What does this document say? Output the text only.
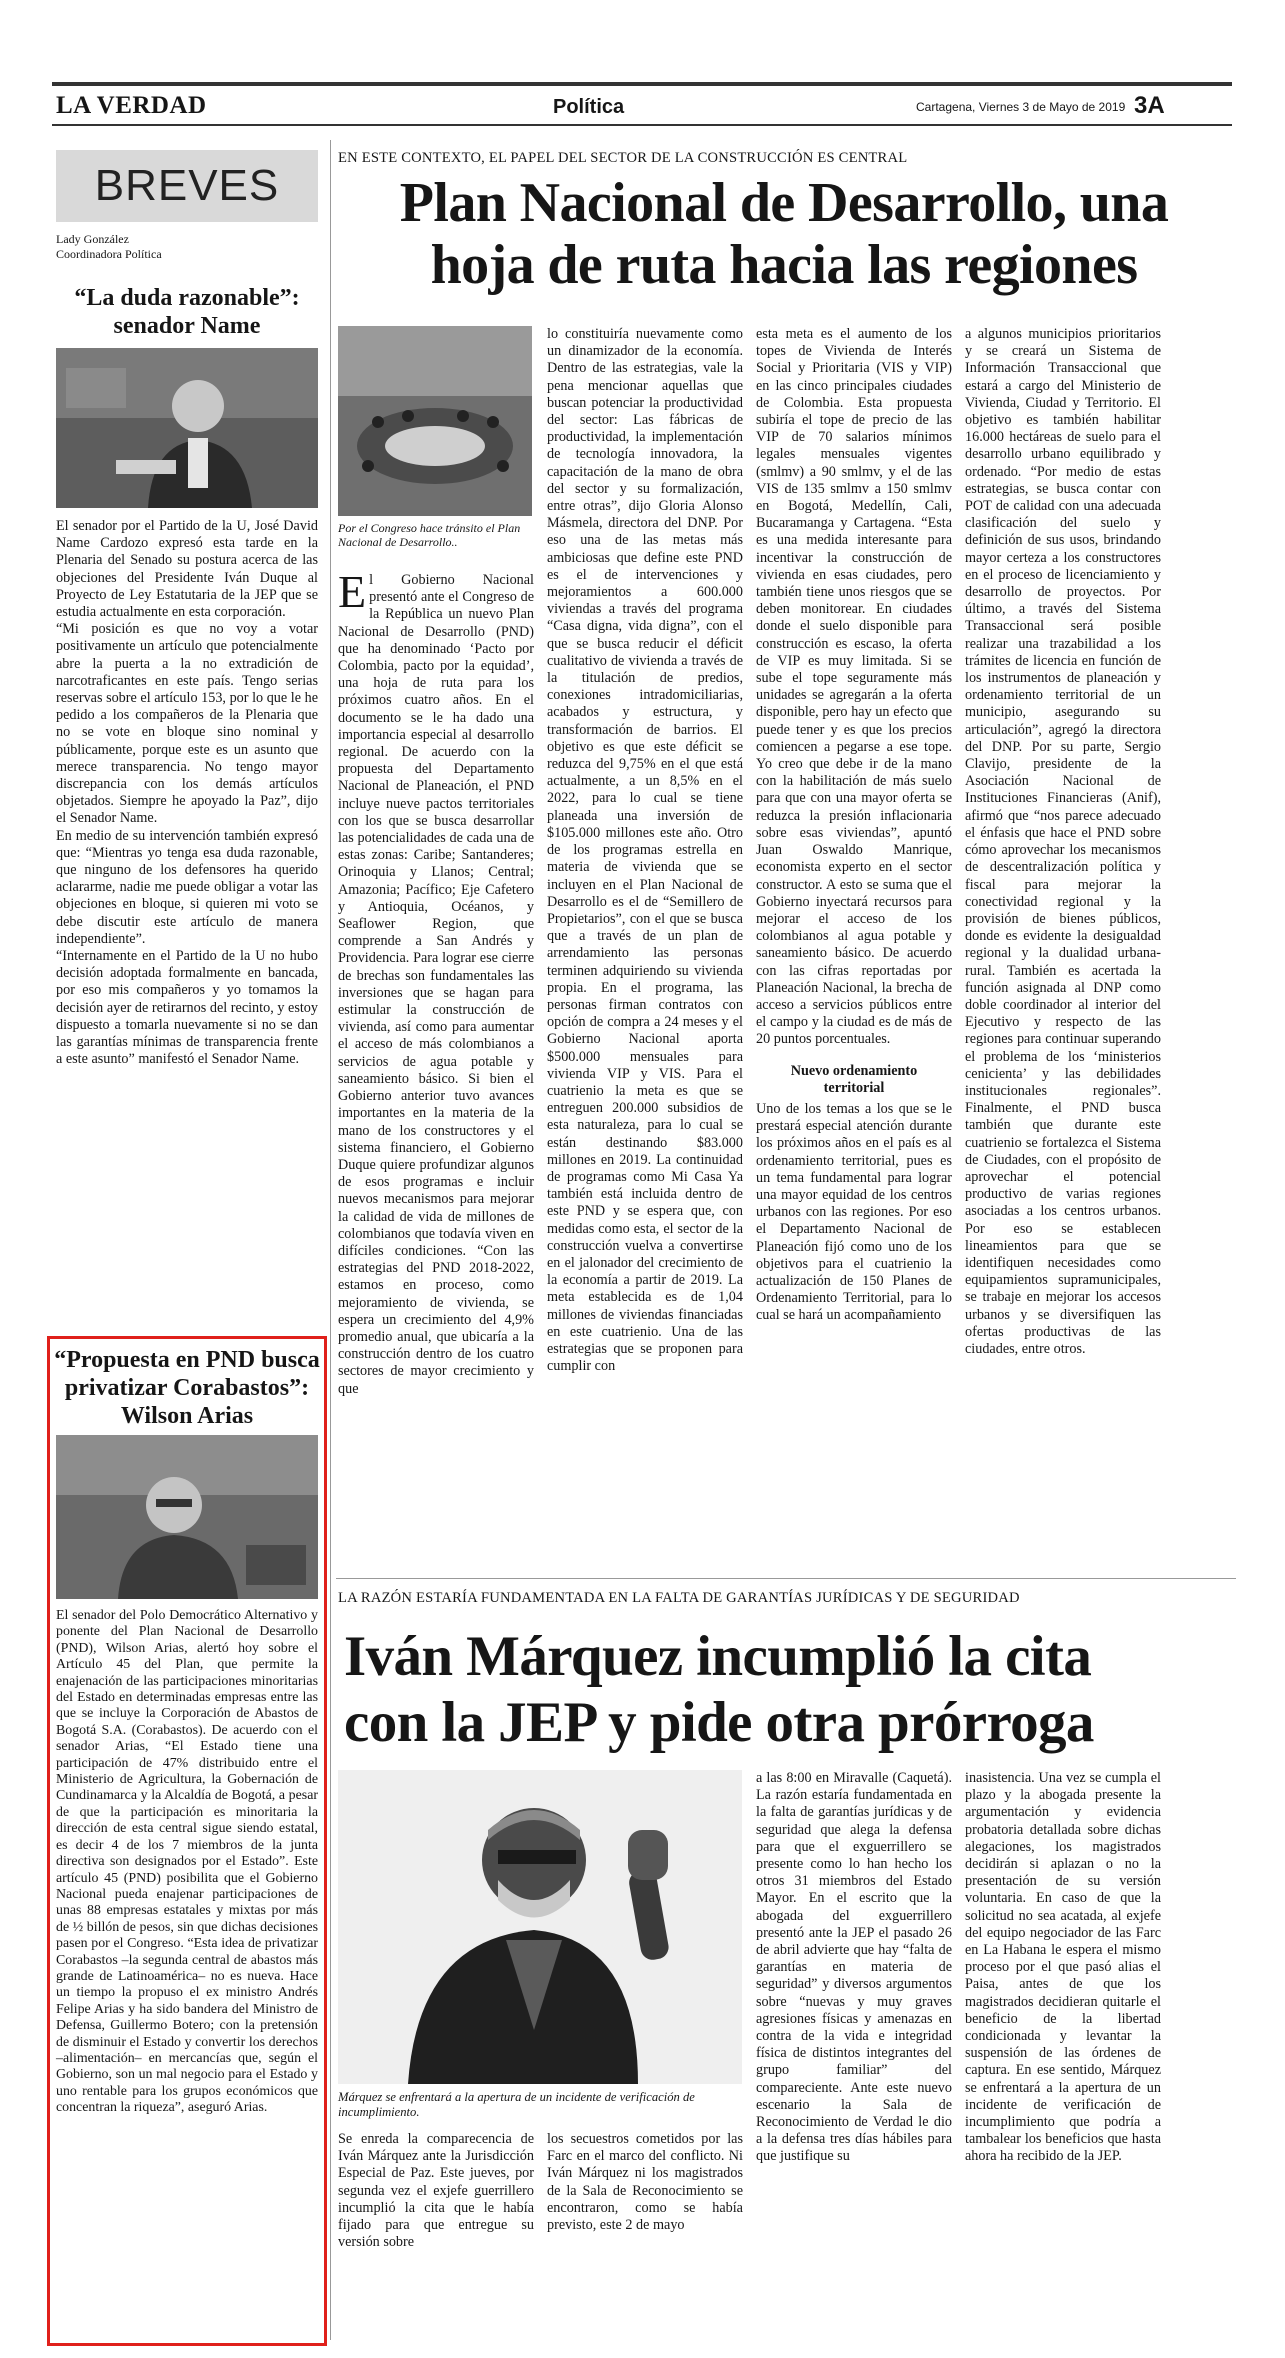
LA VERDAD	Política	Cartagena, Viernes 3 de Mayo de 2019 3A
BREVES
Lady González
Coordinadora Política
“La duda razonable”:
senador Name

El senador por el Partido de la U, José David Name Cardozo expresó esta tarde en la Plenaria del Senado su postura acerca de las objeciones del Presidente Iván Duque al Proyecto de Ley Estatutaria de la JEP que se estudia actualmente en esta corporación.

“Mi posición es que no voy a votar positivamente un artículo que potencialmente abre la puerta a la no extradición de narcotraficantes en este país. Tengo serias reservas sobre el artículo 153, por lo que le he pedido a los compañeros de la Plenaria que no se vote en bloque sino nominal y públicamente, porque este es un asunto que merece transparencia. No tengo mayor discrepancia con los demás artículos objetados. Siempre he apoyado la Paz”, dijo el Senador Name.

En medio de su intervención también expresó que: “Mientras yo tenga esa duda razonable, que ninguno de los defensores ha querido aclararme, nadie me puede obligar a votar las objeciones en bloque, si quieren mi voto se debe discutir este artículo de manera independiente”.

“Internamente en el Partido de la U no hubo decisión adoptada formalmente en bancada, por eso mis compañeros y yo tomamos la decisión ayer de retirarnos del recinto, y estoy dispuesto a tomarla nuevamente si no se dan las garantías mínimas de transparencia frente a este asunto” manifestó el Senador Name.

“Propuesta en PND busca
privatizar Corabastos”:
Wilson Arias

El senador del Polo Democrático Alternativo y ponente del Plan Nacional de Desarrollo (PND), Wilson Arias, alertó hoy sobre el Artículo 45 del Plan, que permite la enajenación de las participaciones minoritarias del Estado en determinadas empresas entre las que se incluye la Corporación de Abastos de Bogotá S.A. (Corabastos). De acuerdo con el senador Arias, “El Estado tiene una participación de 47% distribuido entre el Ministerio de Agricultura, la Gobernación de Cundinamarca y la Alcaldía de Bogotá, a pesar de que la participación es minoritaria la dirección de esta central sigue siendo estatal, es decir 4 de los 7 miembros de la junta directiva son designados por el Estado”. Este artículo 45 (PND) posibilita que el Gobierno Nacional pueda enajenar participaciones de unas 88 empresas estatales y mixtas por más de ½ billón de pesos, sin que dichas decisiones pasen por el Congreso. “Esta idea de privatizar Corabastos –la segunda central de abastos más grande de Latinoamérica– no es nueva. Hace un tiempo la propuso el ex ministro Andrés Felipe Arias y ha sido bandera del Ministro de Defensa, Guillermo Botero; con la pretensión de disminuir el Estado y convertir los derechos –alimentación– en mercancías que, según el Gobierno, son un mal negocio para el Estado y uno rentable para los grupos económicos que concentran la riqueza”, aseguró Arias.

EN ESTE CONTEXTO, EL PAPEL DEL SECTOR DE LA CONSTRUCCIÓN ES CENTRAL
Plan Nacional de Desarrollo, una
hoja de ruta hacia las regiones
Por el Congreso hace tránsito el Plan Nacional de Desarrollo..

El Gobierno Nacional presentó ante el Congreso de la República un nuevo Plan Nacional de Desarrollo (PND) que ha denominado ‘Pacto por Colombia, pacto por la equidad’, una hoja de ruta para los próximos cuatro años. En el documento se le ha dado una importancia especial al desarrollo regional. De acuerdo con la propuesta del Departamento Nacional de Planeación, el PND incluye nueve pactos territoriales con los que se busca desarrollar las potencialidades de cada una de estas zonas: Caribe; Santanderes; Orinoquia y Llanos; Central; Amazonia; Pacífico; Eje Cafetero y Antioquia, Océanos, y Seaflower Region, que comprende a San Andrés y Providencia. Para lograr ese cierre de brechas son fundamentales las inversiones que se hagan para estimular la construcción de vivienda, así como para aumentar el acceso de más colombianos a servicios de agua potable y saneamiento básico. Si bien el Gobierno anterior tuvo avances importantes en la materia de la mano de los constructores y el sistema financiero, el Gobierno Duque quiere profundizar algunos de esos programas e incluir nuevos mecanismos para mejorar la calidad de vida de millones de colombianos que todavía viven en difíciles condiciones. “Con las estrategias del PND 2018-2022, estamos en proceso, como mejoramiento de vivienda, se espera un crecimiento del 4,9% promedio anual, que ubicaría a la construcción dentro de los cuatro sectores de mayor crecimiento y que

lo constituiría nuevamente como un dinamizador de la economía. Dentro de las estrategias, vale la pena mencionar aquellas que buscan potenciar la productividad del sector: Las fábricas de productividad, la implementación de tecnología innovadora, la capacitación de la mano de obra del sector y su formalización, entre otras”, dijo Gloria Alonso Másmela, directora del DNP. Por eso una de las metas más ambiciosas que define este PND es el de intervenciones y mejoramientos a 600.000 viviendas a través del programa “Casa digna, vida digna”, con el que se busca reducir el déficit cualitativo de vivienda a través de la titulación de predios, conexiones intradomiciliarias, acabados y estructura, y transformación de barrios. El objetivo es que este déficit se reduzca del 9,75% en el que está actualmente, a un 8,5% en el 2022, para lo cual se tiene planeada una inversión de $105.000 millones este año. Otro de los programas estrella en materia de vivienda que se incluyen en el Plan Nacional de Desarrollo es el de “Semillero de Propietarios”, con el que se busca que a través de un plan de arrendamiento las personas terminen adquiriendo su vivienda propia. En el programa, las personas firman contratos con opción de compra a 24 meses y el Gobierno Nacional aporta $500.000 mensuales para vivienda VIP y VIS. Para el cuatrienio la meta es que se entreguen 200.000 subsidios de esta naturaleza, para lo cual se están destinando $83.000 millones en 2019. La continuidad de programas como Mi Casa Ya también está incluida dentro de este PND y se espera que, con medidas como esta, el sector de la construcción vuelva a convertirse en el jalonador del crecimiento de la economía a partir de 2019. La meta establecida es de 1,04 millones de viviendas financiadas en este cuatrienio. Una de las estrategias que se proponen para cumplir con

esta meta es el aumento de los topes de Vivienda de Interés Social y Prioritaria (VIS y VIP) en las cinco principales ciudades de Colombia. Esta propuesta subiría el tope de precio de las VIP de 70 salarios mínimos legales mensuales vigentes (smlmv) a 90 smlmv, y el de las VIS de 135 smlmv a 150 smlmv en Bogotá, Medellín, Cali, Bucaramanga y Cartagena. “Esta es una medida interesante para incentivar la construcción de vivienda en esas ciudades, pero también tiene unos riesgos que se deben monitorear. En ciudades donde el suelo disponible para construcción es escaso, la oferta de VIP es muy limitada. Si se sube el tope seguramente más unidades se agregarán a la oferta disponible, pero hay un efecto que puede tener y es que los precios comiencen a pegarse a ese tope. Yo creo que debe ir de la mano con la habilitación de más suelo para que con una mayor oferta se reduzca la presión inflacionaria sobre esas viviendas”, apuntó Juan Oswaldo Manrique, economista experto en el sector constructor. A esto se suma que el Gobierno inyectará recursos para mejorar el acceso de los colombianos al agua potable y saneamiento básico. De acuerdo con las cifras reportadas por Planeación Nacional, la brecha de acceso a servicios públicos entre el campo y la ciudad es de más de 20 puntos porcentuales.

Nuevo ordenamiento
territorial

Uno de los temas a los que se le prestará especial atención durante los próximos años en el país es al ordenamiento territorial, pues es un tema fundamental para lograr una mayor equidad de los centros urbanos con las regiones. Por eso el Departamento Nacional de Planeación fijó como uno de los objetivos para el cuatrienio la actualización de 150 Planes de Ordenamiento Territorial, para lo cual se hará un acompañamiento

a algunos municipios prioritarios y se creará un Sistema de Información Transaccional que estará a cargo del Ministerio de Vivienda, Ciudad y Territorio. El objetivo es también habilitar 16.000 hectáreas de suelo para el desarrollo urbano equilibrado y ordenado. “Por medio de estas estrategias, se busca contar con POT de calidad con una adecuada clasificación del suelo y definición de sus usos, brindando mayor certeza a los constructores en el proceso de licenciamiento y desarrollo de proyectos. Por último, a través del Sistema Transaccional será posible realizar una trazabilidad a los trámites de licencia en función de los instrumentos de planeación y ordenamiento territorial de un municipio, asegurando su articulación”, agregó la directora del DNP. Por su parte, Sergio Clavijo, presidente de la Asociación Nacional de Instituciones Financieras (Anif), afirmó que “nos parece adecuado el énfasis que hace el PND sobre cómo aprovechar los mecanismos de descentralización política y fiscal para mejorar la conectividad regional y la provisión de bienes públicos, donde es evidente la desigualdad regional y la dualidad urbana-rural. También es acertada la función asignada al DNP como doble coordinador al interior del Ejecutivo y respecto de las regiones para continuar superando el problema de los ‘ministerios cenicienta’ y las debilidades institucionales regionales”. Finalmente, el PND busca también que durante este cuatrienio se fortalezca el Sistema de Ciudades, con el propósito de aprovechar el potencial productivo de varias regiones asociadas a los centros urbanos. Por eso se establecen lineamientos para que se identifiquen necesidades como equipamientos supramunicipales, se trabaje en mejorar los accesos urbanos y se diversifiquen las ofertas productivas de las ciudades, entre otros.

LA RAZÓN ESTARÍA FUNDAMENTADA EN LA FALTA DE GARANTÍAS JURÍDICAS Y DE SEGURIDAD
Iván Márquez incumplió la cita
con la JEP y pide otra prórroga
Márquez se enfrentará a la apertura de un incidente de verificación de incumplimiento.

Se enreda la comparecencia de Iván Márquez ante la Jurisdicción Especial de Paz. Este jueves, por segunda vez el exjefe guerrillero incumplió la cita que le había fijado para que entregue su versión sobre

los secuestros cometidos por las Farc en el marco del conflicto. Ni Iván Márquez ni los magistrados de la Sala de Reconocimiento se encontraron, como se había previsto, este 2 de mayo

a las 8:00 en Miravalle (Caquetá). La razón estaría fundamentada en la falta de garantías jurídicas y de seguridad que alega la defensa para que el exguerrillero se presente como lo han hecho los otros 31 miembros del Estado Mayor. En el escrito que la abogada del exguerrillero presentó ante la JEP el pasado 26 de abril advierte que hay “falta de garantías en materia de seguridad” y diversos argumentos sobre “nuevas y muy graves agresiones físicas y amenazas en contra de la vida e integridad física de distintos integrantes del grupo familiar” del compareciente. Ante este nuevo escenario la Sala de Reconocimiento de Verdad le dio a la defensa tres días hábiles para que justifique su

inasistencia. Una vez se cumpla el plazo y la abogada presente la argumentación y evidencia probatoria detallada sobre dichas alegaciones, los magistrados decidirán si aplazan o no la presentación de su versión voluntaria. En caso de que la solicitud no sea acatada, al exjefe del equipo negociador de las Farc en La Habana le espera el mismo proceso por el que pasó alias el Paisa, antes de que los magistrados decidieran quitarle el beneficio de la libertad condicionada y levantar la suspensión de las órdenes de captura. En ese sentido, Márquez se enfrentará a la apertura de un incidente de verificación de incumplimiento que podría a tambalear los beneficios que hasta ahora ha recibido de la JEP.
